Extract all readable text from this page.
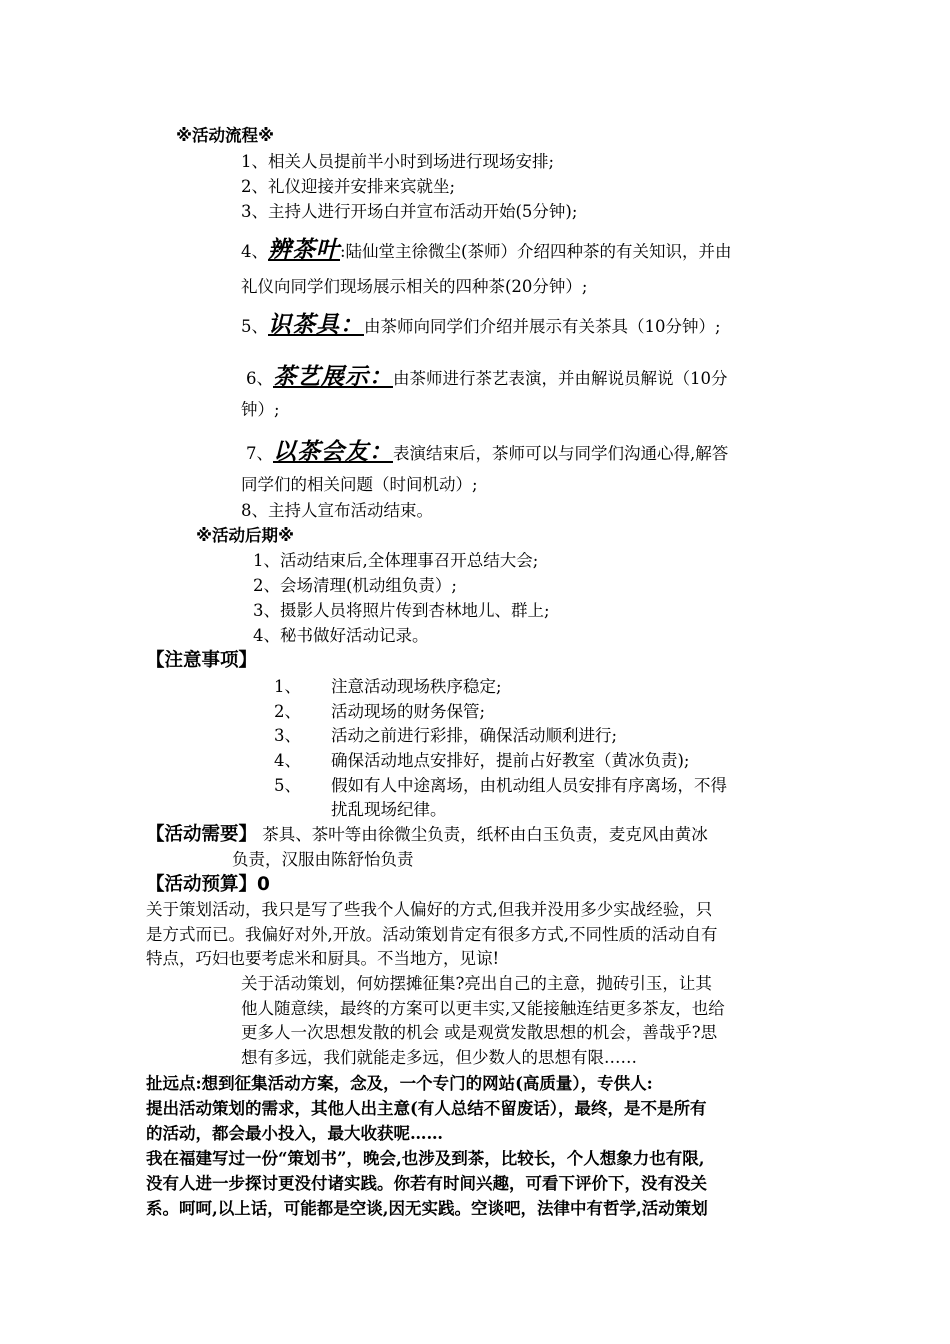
※活动流程※
1、相关人员提前半小时到场进行现场安排;
2、礼仪迎接并安排来宾就坐;
3、主持人进行开场白并宣布活动开始(5分钟);
4、辨茶叶:陆仙堂主徐微尘(茶师）介绍四种茶的有关知识，并由
礼仪向同学们现场展示相关的四种茶(20分钟）;
5、识茶具：由茶师向同学们介绍并展示有关茶具（10分钟）;
6、茶艺展示：由茶师进行茶艺表演，并由解说员解说（10分
钟）;
7、以茶会友：表演结束后，茶师可以与同学们沟通心得,解答
同学们的相关问题（时间机动）;
8、主持人宣布活动结束。
※活动后期※
1、活动结束后,全体理事召开总结大会;
2、会场清理(机动组负责）;
3、摄影人员将照片传到杏林地儿、群上;
4、秘书做好活动记录。
【注意事项】
1、 注意活动现场秩序稳定;
2、 活动现场的财务保管;
3、 活动之前进行彩排，确保活动顺利进行;
4、 确保活动地点安排好，提前占好教室（黄冰负责);
5、 假如有人中途离场，由机动组人员安排有序离场，不得
扰乱现场纪律。
【活动需要】 茶具、茶叶等由徐微尘负责，纸杯由白玉负责，麦克风由黄冰
负责，汉服由陈舒怡负责
【活动预算】0
关于策划活动，我只是写了些我个人偏好的方式,但我并没用多少实战经验，只
是方式而已。我偏好对外,开放。活动策划肯定有很多方式,不同性质的活动自有
特点，巧妇也要考虑米和厨具。不当地方，见谅!
关于活动策划，何妨摆摊征集?亮出自己的主意，抛砖引玉，让其
他人随意续，最终的方案可以更丰实,又能接触连结更多茶友，也给
更多人一次思想发散的机会 或是观赏发散思想的机会，善哉乎?思
想有多远，我们就能走多远，但少数人的思想有限……
扯远点:想到征集活动方案，念及，一个专门的网站(高质量），专供人:
提出活动策划的需求，其他人出主意(有人总结不留废话），最终，是不是所有
的活动，都会最小投入，最大收获呢……
我在福建写过一份“策划书”，晚会,也涉及到茶，比较长，个人想象力也有限,
没有人进一步探讨更没付诸实践。你若有时间兴趣，可看下评价下，没有没关
系。呵呵,以上话，可能都是空谈,因无实践。空谈吧，法律中有哲学,活动策划
